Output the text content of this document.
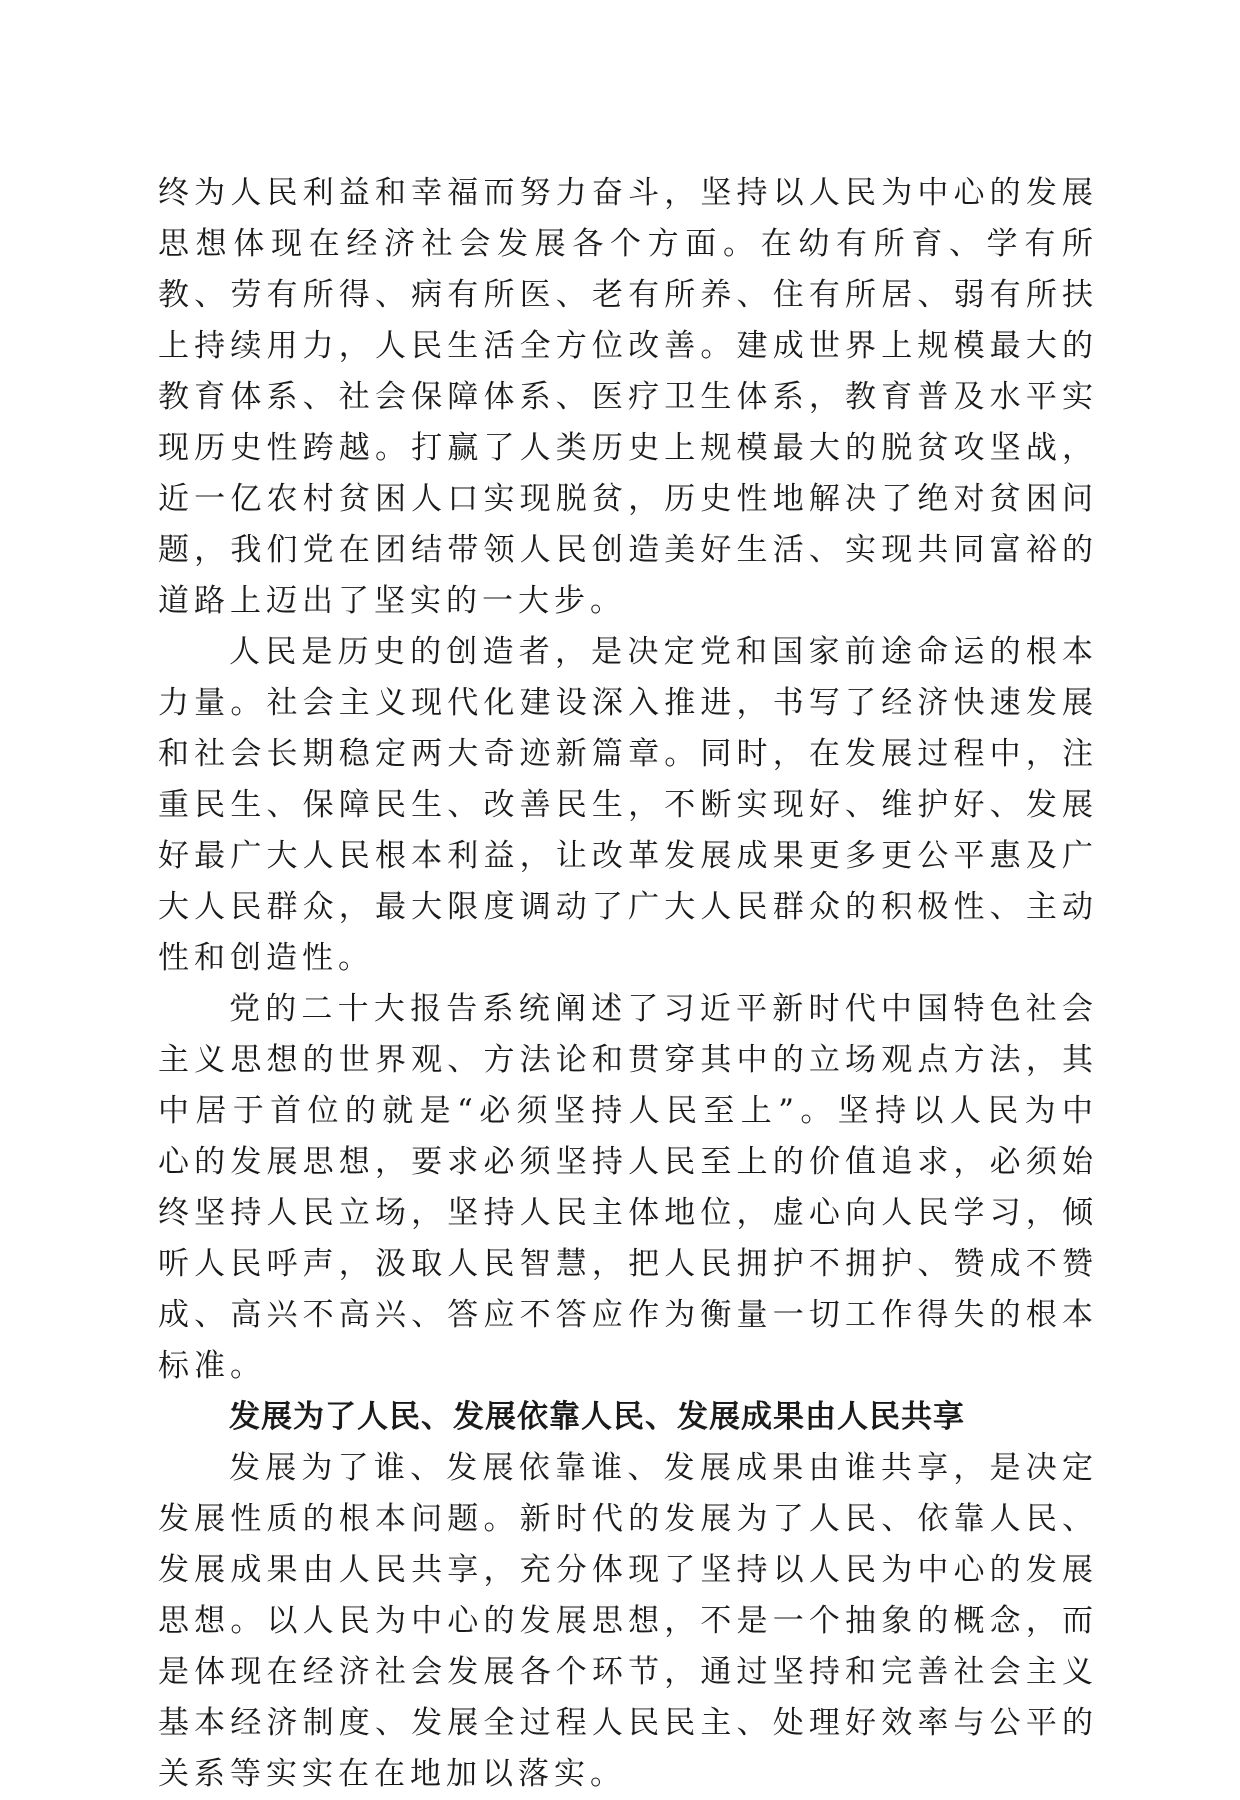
终为人民利益和幸福而努力奋斗，坚持以人民为中心的发展思想体现在经济社会发展各个方面。在幼有所育、学有所教、劳有所得、病有所医、老有所养、住有所居、弱有所扶上持续用力，人民生活全方位改善。建成世界上规模最大的教育体系、社会保障体系、医疗卫生体系，教育普及水平实现历史性跨越。打赢了人类历史上规模最大的脱贫攻坚战，近一亿农村贫困人口实现脱贫，历史性地解决了绝对贫困问题，我们党在团结带领人民创造美好生活、实现共同富裕的道路上迈出了坚实的一大步。

人民是历史的创造者，是决定党和国家前途命运的根本力量。社会主义现代化建设深入推进，书写了经济快速发展和社会长期稳定两大奇迹新篇章。同时，在发展过程中，注重民生、保障民生、改善民生，不断实现好、维护好、发展好最广大人民根本利益，让改革发展成果更多更公平惠及广大人民群众，最大限度调动了广大人民群众的积极性、主动性和创造性。

党的二十大报告系统阐述了习近平新时代中国特色社会主义思想的世界观、方法论和贯穿其中的立场观点方法，其中居于首位的就是“必须坚持人民至上”。坚持以人民为中心的发展思想，要求必须坚持人民至上的价值追求，必须始终坚持人民立场，坚持人民主体地位，虚心向人民学习，倾听人民呼声，汲取人民智慧，把人民拥护不拥护、赞成不赞成、高兴不高兴、答应不答应作为衡量一切工作得失的根本标准。

发展为了人民、发展依靠人民、发展成果由人民共享

发展为了谁、发展依靠谁、发展成果由谁共享，是决定发展性质的根本问题。新时代的发展为了人民、依靠人民、发展成果由人民共享，充分体现了坚持以人民为中心的发展思想。以人民为中心的发展思想，不是一个抽象的概念，而是体现在经济社会发展各个环节，通过坚持和完善社会主义基本经济制度、发展全过程人民民主、处理好效率与公平的关系等实实在在地加以落实。
